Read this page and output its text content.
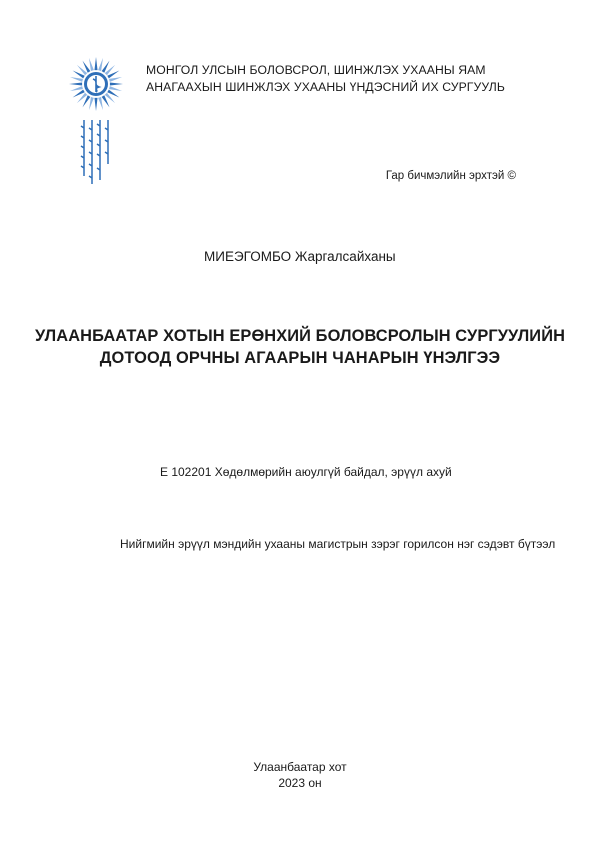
МОНГОЛ УЛСЫН БОЛОВСРОЛ, ШИНЖЛЭХ УХААНЫ ЯАМ
АНАГААХЫН ШИНЖЛЭХ УХААНЫ ҮНДЭСНИЙ ИХ СУРГУУЛЬ
Гар бичмэлийн эрхтэй ©
МИЕЭГОМБО Жаргалсайханы
УЛААНБААТАР ХОТЫН ЕРӨНХИЙ БОЛОВСРОЛЫН СУРГУУЛИЙН
ДОТООД ОРЧНЫ АГААРЫН ЧАНАРЫН ҮНЭЛГЭЭ
Е 102201 Хөдөлмөрийн аюулгүй байдал, эрүүл ахуй
Нийгмийн эрүүл мэндийн ухааны магистрын зэрэг горилсон нэг сэдэвт бүтээл
Улаанбаатар хот
2023 он
